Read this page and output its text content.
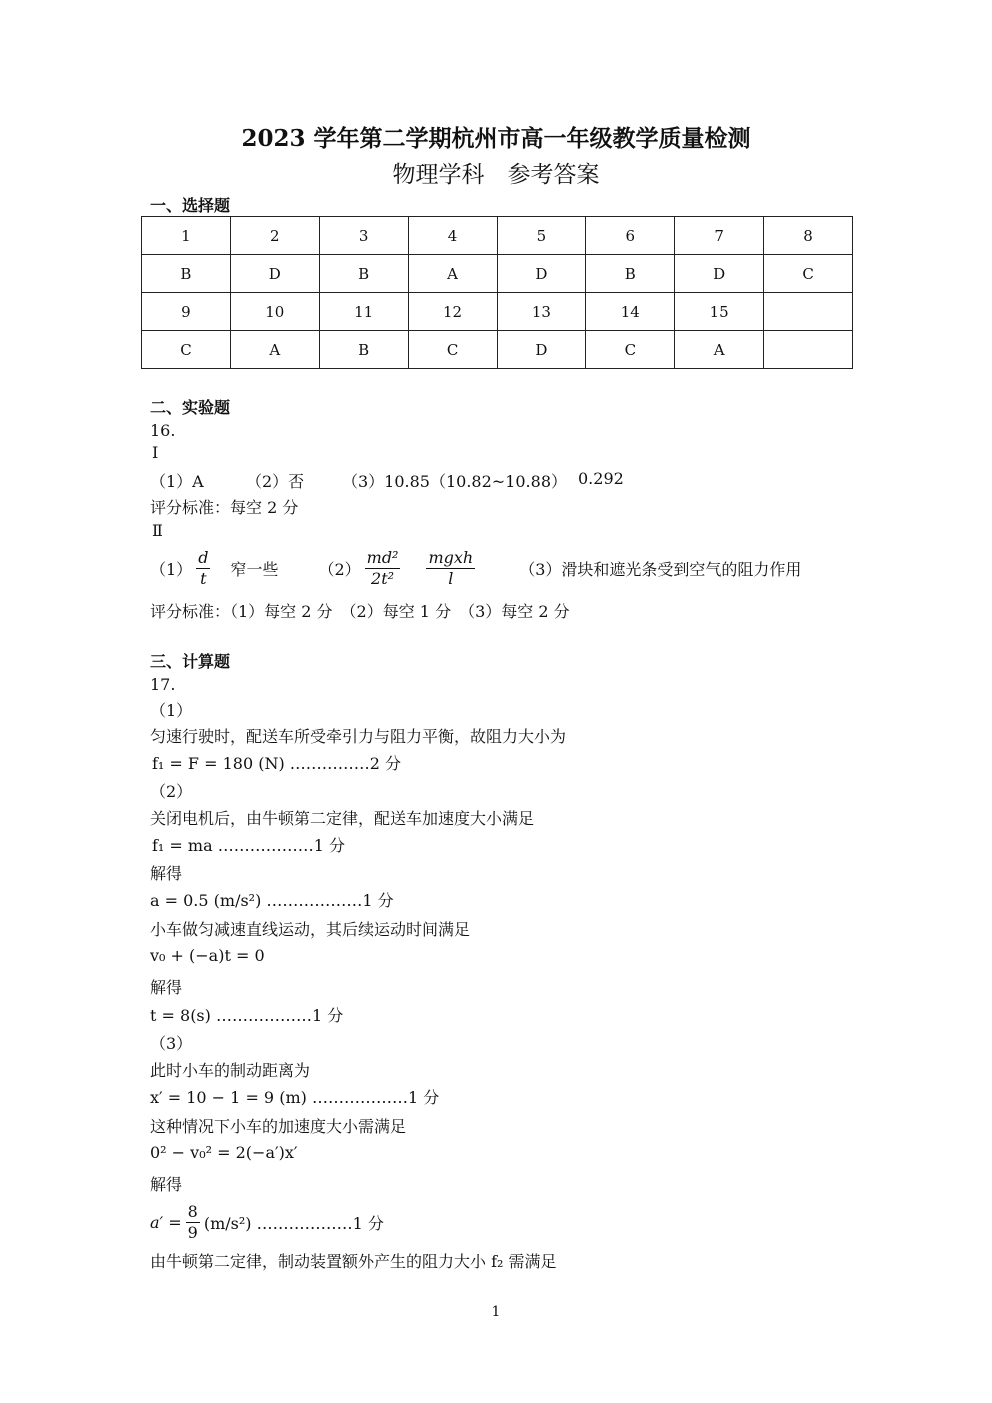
2023 学年第二学期杭州市高一年级教学质量检测
物理学科　参考答案
一、选择题
1	2	3	4	5	6	7	8
B	D	B	A	D	B	D	C
9	10	11	12	13	14	15	
C	A	B	C	D	C	A	
二、实验题
16.
Ⅰ
（1）A	（2）否 （3）10.85（10.82~10.88） 0.292
评分标准：每空 2 分
Ⅱ
$(1) \frac{d}{t}$ 窄一些	$(2) \frac{\text{md²}}{\text{2t²}} \frac{\text{mgxh}}{l}$	（3）滑块和遮光条受到空气的阻力作用
评分标准：（1）每空 2 分　（2）每空 1 分　（3）每空 2 分
三、计算题
17.
（1）
匀速行驶时，配送车所受牵引力与阻力平衡，故阻力大小为
f₁ = F = 180 (N) ……………2 分
（2）
关闭电机后，由牛顿第二定律，配送车加速度大小满足
f₁ = ma ………………1 分
解得
a = 0.5 (m/s²) ………………1 分
小车做匀减速直线运动，其后续运动时间满足
v₀ + (−a)t = 0
解得
t = 8(s) ………………1 分
（3）
此时小车的制动距离为
x′ = 10 − 1 = 9 (m) ………………1 分
这种情况下小车的加速度大小需满足
0² − v₀² = 2(−a′)x′
解得
$a' = \frac{8}{9} (m/s^2)$ ………………1 分
由牛顿第二定律，制动装置额外产生的阻力大小 f₂ 需满足
1
